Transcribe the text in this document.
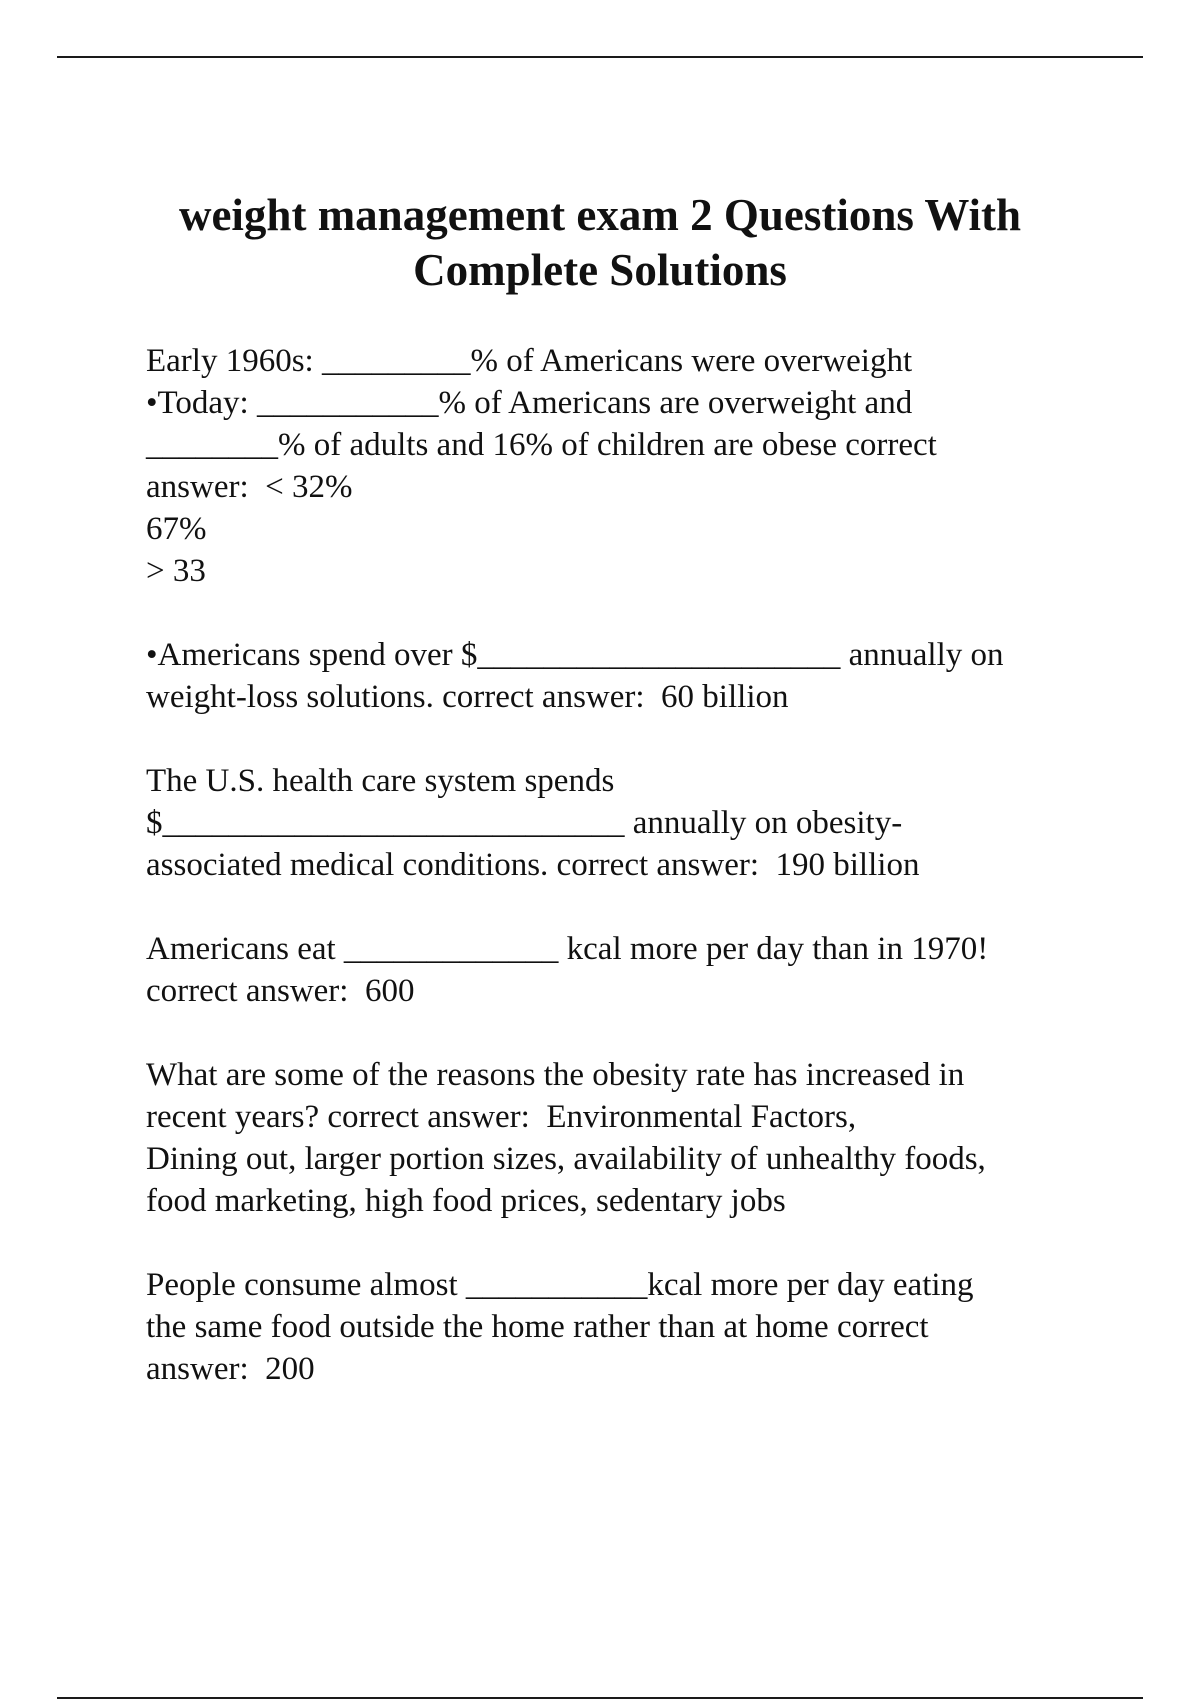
weight management exam 2 Questions With
Complete Solutions
Early 1960s: _________% of Americans were overweight
•Today: ___________% of Americans are overweight and
________% of adults and 16% of children are obese correct
answer:  < 32%
67%
> 33
•Americans spend over $______________________ annually on
weight-loss solutions. correct answer:  60 billion
The U.S. health care system spends
$____________________________ annually on obesity-
associated medical conditions. correct answer:  190 billion
Americans eat _____________ kcal more per day than in 1970!
correct answer:  600
What are some of the reasons the obesity rate has increased in
recent years? correct answer:  Environmental Factors,
Dining out, larger portion sizes, availability of unhealthy foods,
food marketing, high food prices, sedentary jobs
People consume almost ___________kcal more per day eating
the same food outside the home rather than at home correct
answer:  200
